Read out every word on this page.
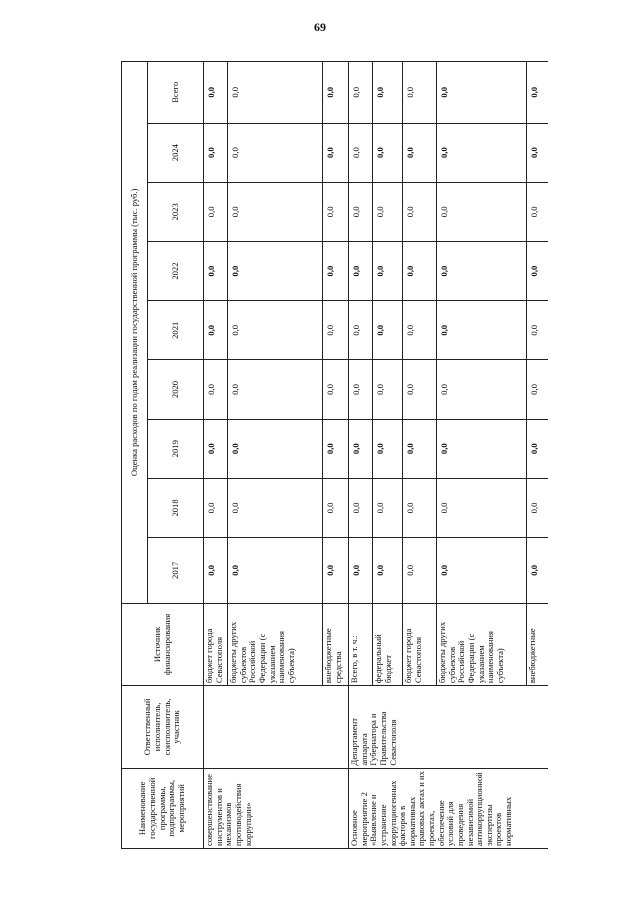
69
Наименование государственной программы, подпрограммы, мероприятий	Ответственный исполнитель, соисполнитель, участник	Источник финансирования	Оценка расходов по годам реализации государственной программы (тыс. руб.)								
			2017	2018	2019	2020	2021	2022	2023	2024	Всего
совершенствование инструментов и механизмов противодействия коррупции»		бюджет города Севастополя	0,0	0,0	0,0	0,0	0,0	0,0	0,0	0,0	0,0
		бюджеты других субъектов Российской Федерации (с указанием наименования субъекта)	0,0	0,0	0,0	0,0	0,0	0,0	0,0	0,0	0,0
		внебюджетные средства	0,0	0,0	0,0	0,0	0,0	0,0	0,0	0,0	0,0
Основное мероприятие 2 «Выявление и устранение коррупциогенных факторов в нормативных правовых актах и их проектах, обеспечение условий для проведения независимой антикоррупционной экспертизы проектов нормативных	Департамент аппарата Губернатора и Правительства Севастополя	Всего, в т. ч.:	0,0	0,0	0,0	0,0	0,0	0,0	0,0	0,0	0,0
		федеральный бюджет	0,0	0,0	0,0	0,0	0,0	0,0	0,0	0,0	0,0
		бюджет города Севастополя	0,0	0,0	0,0	0,0	0,0	0,0	0,0	0,0	0,0
		бюджеты других субъектов Российской Федерации (с указанием наименования субъекта)	0,0	0,0	0,0	0,0	0,0	0,0	0,0	0,0	0,0
		внебюджетные	0,0	0,0	0,0	0,0	0,0	0,0	0,0	0,0	0,0
